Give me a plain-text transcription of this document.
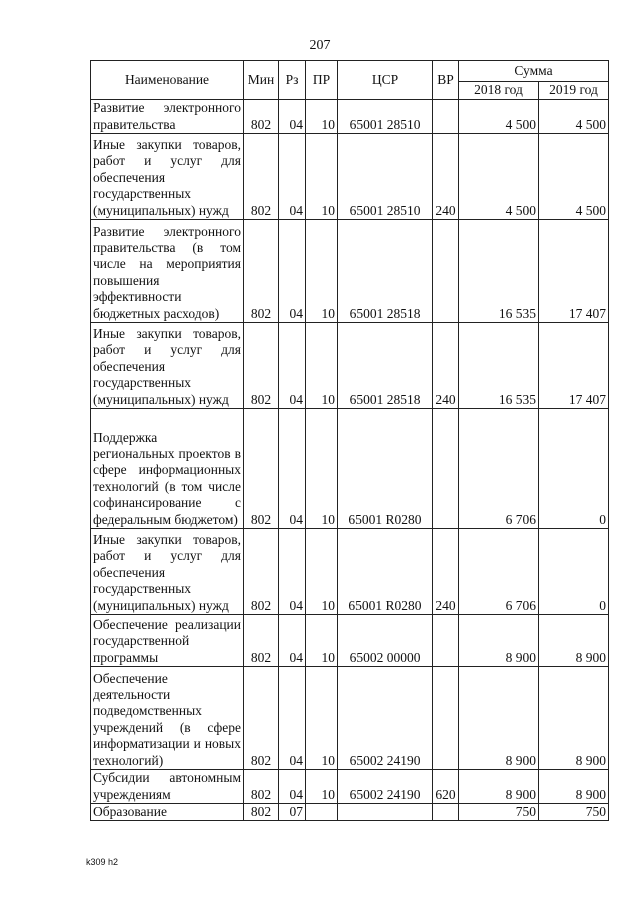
207
Наименование	Мин	Рз	ПР	ЦСР	ВР	Сумма	
						2018 год	2019 год
Развитие электронного правительства	802	04	10	65001 28510		4 500	4 500
Иные закупки товаров, работ и услуг для обеспечения государственных (муниципальных) нужд	802	04	10	65001 28510	240	4 500	4 500
Развитие электронного правительства (в том числе на мероприятия повышения эффективности бюджетных расходов)	802	04	10	65001 28518		16 535	17 407
Иные закупки товаров, работ и услуг для обеспечения государственных (муниципальных) нужд	802	04	10	65001 28518	240	16 535	17 407
Поддержка региональных проектов в сфере информационных технологий (в том числе софинансирование с федеральным бюджетом)	802	04	10	65001 R0280		6 706	0
Иные закупки товаров, работ и услуг для обеспечения государственных (муниципальных) нужд	802	04	10	65001 R0280	240	6 706	0
Обеспечение реализации государственной программы	802	04	10	65002 00000		8 900	8 900
Обеспечение деятельности подведомственных учреждений (в сфере информатизации и новых технологий)	802	04	10	65002 24190		8 900	8 900
Субсидии автономным учреждениям	802	04	10	65002 24190	620	8 900	8 900
Образование	802	07				750	750
k309 h2
